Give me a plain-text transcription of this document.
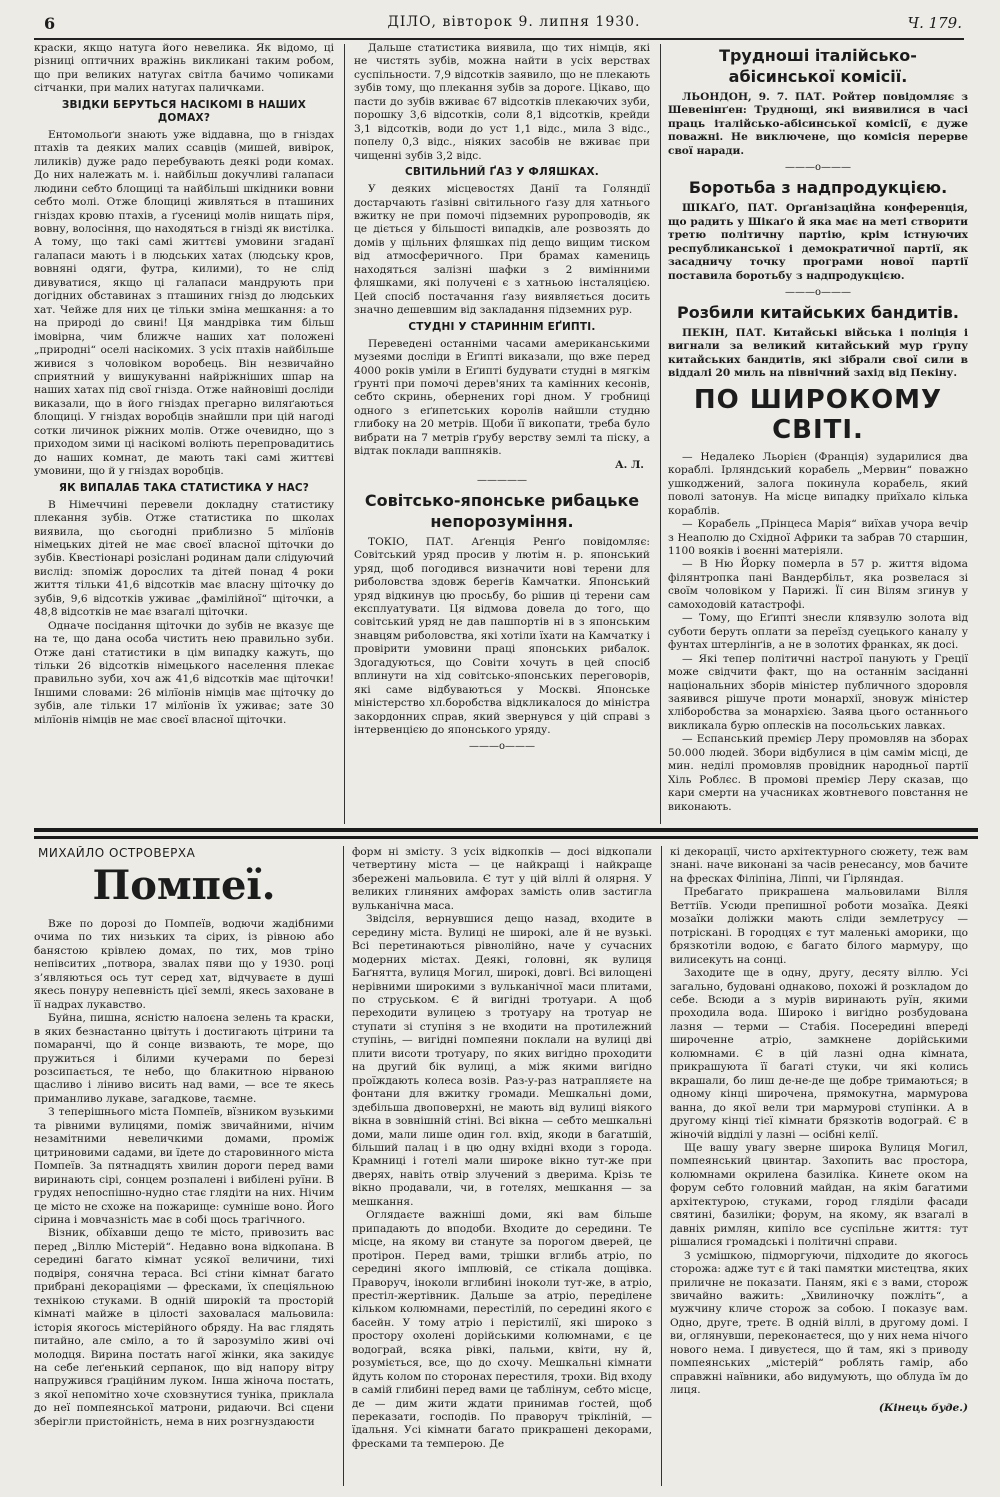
6	ДІЛО, вівторок 9. липня 1930.	Ч. 179.

краски, якщо натуга його невелика. Як відомо, ці різниці оптичних вражінь викликані таким робом, що при великих натугах світла бачимо чопиками сітчанки, при малих натугах паличками.

ЗВІДКИ БЕРУТЬСЯ НАСІКОМІ В НАШИХ ДОМАХ?

Ентомольоґи знають уже віддавна, що в гніздах птахів та деяких малих ссавців (мишей, вивірок, лиликів) дуже радо перебувають деякі роди комах. До них належать м. і. найбільш докучливі галапаси людини себто блощиці та найбільші шкідники вовни себто молі. Отже блощиці живляться в пташиних гніздах кровю птахів, а ґусениці молів нищать піря, вовну, волосіння, що находяться в гнізді як вистілка. А тому, що такі самі життєві умовини згаданї галапаси мають і в людських хатах (людську кров, вовняні одяги, футра, килими), то не слід дивуватися, якщо ці галапаси мандрують при догідних обставинах з пташиних гнізд до людських хат. Чейже для них це тільки зміна мешкання: а то на природі до свині! Ця мандрівка тим більш імовірна, чим ближче наших хат положені „природні“ оселі насікомих. З усіх птахів найбільше живися з чоловіком воробець. Він незвичайно сприятний у вишукуванні найріжніших шпар на наших хатах під свої гнізда. Отже найновіші досліди виказали, що в його гніздах прегарно виляґаються блощиці. У гніздах воробців знайшли при цій нагоді сотки личинок ріжних молів. Отже очевидно, що з приходом зими ці насікомі воліють перепровадитись до наших комнат, де мають такі самі життєві умовини, що й у гніздах воробців.

ЯК ВИПАЛАБ ТАКА СТАТИСТИКА У НАС?

В Німеччині перевели докладну статистику плекання зубів. Отже статистика по школах виявила, що сьогодні приблизно 5 мілїонів німецьких дітей не має своєї власної щіточки до зубів. Квестіонарі розіслані родинам дали слідуючий вислід: зпоміж дорослих та дітей понад 4 роки життя тільки 41,6 відсотків має власну щіточку до зубів, 9,6 відсотків уживає „фамілійної“ щіточки, а 48,8 відсотків не має взагалі щіточки.

Одначе посідання щіточки до зубів не вказує ще на те, що дана особа чистить нею правильно зуби. Отже дані статистики в цім випадку кажуть, що тільки 26 відсотків німецького населення плекає правильно зуби, хоч аж 41,6 відсотків має щіточки! Іншими словами: 26 мілїонів німців має щіточку до зубів, але тільки 17 мілїонів їх уживає; зате 30 мілїонів німців не має своєї власної щіточки.

Дальше статистика виявила, що тих німців, які не чистять зубів, можна найти в усіх верствах суспільности. 7,9 відсотків заявило, що не плекають зубів тому, що плекання зубів за дороге. Цікаво, що пасти до зубів вживає 67 відсотків плекаючих зуби, порошку 3,6 відсотків, соли 8,1 відсотків, крейди 3,1 відсотків, води до уст 1,1 відс., мила 3 відс., попелу 0,3 відс., ніяких засобів не вживає при чищенні зубів 3,2 відс.

СВІТИЛЬНИЙ ҐАЗ У ФЛЯШКАХ.

У деяких місцевостях Данії та Голяндії достарчають ґазівні світильного ґазу для хатнього вжитку не при помочі підземних руропроводів, як це діється у більшості випадків, але розвозять до домів у щільних фляшках під дещо вищим тиском від атмосферичного. При брамах камениць находяться залізні шафки з 2 вимінними фляшками, які получені є з хатньою інсталяцією. Цей спосіб постачання ґазу виявляється досить значно дешевшим від закладання підземних рур.

СТУДНІ У СТАРИННІМ ЕҐИПТІ.

Переведені останніми часами американськими музеями досліди в Еґипті виказали, що вже перед 4000 років уміли в Еґипті будувати студні в мягкім ґрунті при помочі дерев'яних та камінних кесонів, себто скринь, обернених горі дном. У гробниці одного з еґипетських королів найшли студню глибоку на 20 метрів. Щоби її викопати, треба було вибрати на 7 метрів ґрубу верству землі та піску, а відтак поклади ваппняків.

А. Л.
—————
Совітсько-японське рибацьке непорозуміння.

ТОКІО, ПАТ. Аґенція Ренґо повідомляє: Совітський уряд просив у лютім н. р. японський уряд, щоб погодився визначити нові терени для риболовства здовж берегів Камчатки. Японський уряд відкинув цю просьбу, бо рішив ці терени сам експлуатувати. Ця відмова довела до того, що совітський уряд не дав пашпортів ні в з японським знавцям риболовства, які хотіли їхати на Камчатку і провірити умовини праці японських рибалок. Здогадуються, що Совіти хочуть в цей спосіб вплинути на хід совітсько-японських переговорів, які саме відбуваються у Москві. Японське міністерство хл.боробства відкликалося до міністра закордонних справ, який звернувся у цій справі з інтервенцією до японського уряду.

———o———
Трудноші італійсько-абісинської комісії.

ЛЬОНДОН, 9. 7. ПАТ. Ройтер повідомляє з Шевенінґен: Труднощі, які виявилися в часі праць італійсько-абісинської комісії, є дуже поважні. Не виключене, що комісія перерве свої наради.

———o———
Боротьба з надпродукцією.

ШІКАҐО, ПАТ. Орґанізаційна конференція, що радить у Шікаґо й яка має на меті створити третю політичну партію, крім істнуючих республиканської і демократичної партії, як засадничу точку програми нової партії поставила боротьбу з надпродукцією.

———o———
Розбили китайських бандитів.

ПЕКІН, ПАТ. Китайські війська і поліція і вигнали за великий китайський мур ґрупу китайських бандитів, які зібрали свої сили в віддалі 20 миль на північний захід від Пекіну.

ПО ШИРОКОМУ СВІТІ.

— Недалеко Льорієн (Франція) зударилися два кораблі. Ірляндський корабель „Мервин“ поважно ушкоджений, залога покинула корабель, який поволі затонув. На місце випадку приїхало кілька кораблів.

— Корабель „Прінцеса Марія“ виїхав учора вечір з Неаполю до Східної Африки та забрав 70 старшин, 1100 вояків і воєнні матеріяли.

— В Ню Йорку померла в 57 р. життя відома філянтропка пані Вандербільт, яка розвелася зі своїм чоловіком у Парижі. Її син Вілям згинув у самоходовій катастрофі.

— Тому, що Еґипті знесли клявзулю золота від суботи беруть оплати за переїзд суецького каналу у фунтах штерлінґів, а не в золотих франках, як досі.

— Які тепер політичні настрої панують у Греції може свідчити факт, що на останнім засіданні національних зборів міністер публичного здоровля заявився рішуче проти монархії, зновуж міністер хліборобства за монархією. Заява цього останнього викликала бурю оплесків на посольських лавках.

— Еспанський премієр Леру промовляв на зборах 50.000 людей. Збори відбулися в цім самім місці, де мин. неділі промовляв провідник народньої партії Хіль Роблєс. В промові премієр Леру сказав, що кари смерти на учасниках жовтневого повстання не виконають.

МИХАЙЛО ОСТРОВЕРХА
Помпеї.

Вже по дорозі до Помпеїв, водючи жадібними очима по тих низьких та сірих, із рівною або банястою крівлею домах, по тих, мов тріно непівситих „потвора, звалах пяви що у 1930. році з’являються ось тут серед хат, відчуваєте в душі якесь понуру непевність цієї землі, якесь заховане в її надрах лукавство.

Буйна, пишна, ясністю налоєна зелень та краски, в яких безнастанно цвітуть і достигають цітрини та помаранчі, що й сонце визвають, те море, що пружиться і білими кучерами по березі розсипається, те небо, що блакитною нірваною щасливо і ліниво висить над вами, — все те якесь приманливо лукаве, загадкове, таємне.

З теперішнього міста Помпеїв, вїзником вузькими та рівними вулицями, поміж звичайними, нічим незамітними невеличкими домами, проміж цитриновими садами, ви їдете до старовинного міста Помпеїв. За пятнадцять хвилин дороги перед вами виринають сірі, сонцем розпалені і вибілені руїни. В грудях непоспішно-нудно стає глядіти на них. Нічим це місто не схоже на пожарище: сумніше воно. Його сірина і мовчазність має в собі щось трагічного.

Візник, обїхавши дещо те місто, привозить вас перед „Віллю Містерій“. Недавно вона відкопана. В середині багато кімнат усякої величини, тихі подвіря, сонячна тераса. Всі стіни кімнат багато прибрані декораціями — фресками, їх спеціяльною технікою стуками. В одній широкій та просторій кімнаті майже в цілості заховалася мальовила: історія якогось містерійного обряду. На вас глядять питайно, але смілo, а то й зарозуміло живі очі молодця. Вирина постать нагої жінки, яка закидує на себе леґенький серпанок, що від напору вітру напружився ґраційним луком. Інша жіноча постать, з якої непомітно хоче сховзнутися туніка, приклала до неї помпеянської матрони, ридаючи. Всі сцени зберігли пристойність, нема в них розгнуздаюсти

форм ні змісту. З усіх відкопків — досі відкопали четвертину міста — це найкращі і найкраще збережені мальовила. Є тут у цій віллі й олярня. У великих глиняних амфорах замість олив застигла вульканічна маса.

Звідсіля, вернувшися дещо назад, входите в середину міста. Вулиці не широкі, але й не вузькі. Всі перетинаються рівнолійно, наче у сучасних модерних містах. Деякі, головні, як вулиця Баґнятта, вулиця Могил, широкі, довгі. Всі вилощені нерівними широкими з вульканічної маси плитами, по струськом. Є й вигідні тротуари. А щоб переходити вулицею з тротуару на тротуар не ступати зі ступіня з не входити на протилежний ступінь, — вигідні помпеяни поклали на вулиці дві плити висоти тротуару, по яких вигідно проходити на другий бік вулиці, а між якими вигідно проїждають колеса возів. Раз-у-раз натрапляєте на фонтани для вжитку громади. Мешкальні доми, здебільша двоповерхні, не мають від вулиці віякого вікна в зовнішній стіні. Всі вікна — себто мешкальні доми, мали лише один гол. вхід, якоди в багатшій, більший палац і в цю одну вхідні входи з города. Крамниці і готелі мали широке вікно тут-же при дверях, навіть отвір злучений з дверима. Крізь те вікно продавали, чи, в готелях, мешкання — за мешкання.

Оглядаєте важніші доми, які вам більше припадають до вподоби. Входите до середини. Те місце, на якому ви стануте за порогом дверей, це протірон. Перед вами, трішки вглибь атріо, по середині якого імплювій, се стікала дощівка. Праворуч, іноколи вглибині іноколи тут-же, в атріо, престіл-жертівник. Дальше за атріо, переділене кільком колюмнами, перестілій, по середині якого є басейн. У тому атріо і перістилії, які широко з простору охолені дорійськими колюмнами, є це водограй, всяка рівкі, пальми, квіти, ну й, розуміється, все, що до схочу. Мешкальні кімнати йдуть колом по сторонах перестиля, трохи. Від входу в самій глибині перед вами це таблінум, себто місце, де — дим жити ждати принимав ґостей, щоб переказати, господів. По праворуч трікліній, — їдальня. Усі кімнати багато прикрашені декорами, фресками та темперою. Де

кі декорації, чисто архітектурного сюжету, теж вам знані. наче виконані за часів ренесансу, мов бачите на фресках Філіпіна, Ліппі, чи Ґірляндая.

Пребагато прикрашена мальовилами Вілля Веттіїв. Усюди препишної роботи мозаїка. Деякі мозаїки доліжки мають сліди землетрусу — потріскані. В городцях є тут маленькі аморики, що брязкотіли водою, є багато білого мармуру, що вилисекуть на сонці.

Заходите ще в одну, другу, десяту віллю. Усі загально, будовані однаково, похожі й розкладом до себе. Всюди а з мурів виринають руїн, якими проходила вода. Широко і вигідно розбудована лазня — терми — Стабія. Посередині впереді широченне атріо, замкнене дорійськими колюмнами. Є в цій лазні одна кімната, прикрашуюта її багаті стуки, чи які колись вкрашали, бо лиш де-не-де ще добре тримаються; в одному кінці широчена, прямокутна, мармурова ванна, до якої вели три мармурові ступінки. А в другому кінці тієї кімнати брязкотів водограй. Є в жіночій відділі у лазні — осібні келії.

Ще вашу увагу зверне широка Вулиця Могил, помпеянський цвинтар. Захопить вас простора, колюмнами окрилена базиліка. Кинете оком на форум себто головний майдан, на якім багатими архітектурою, стуками, город гляділи фасади святині, базиліки; форум, на якому, як взагалі в давніх римлян, кипіло все суспільне життя: тут рішалися громадські і політичні справи.

З усмішкою, підморгуючи, підходите до якогось сторожа: адже тут є й такі памятки мистецтва, яких приличне не показати. Паням, які є з вами, сторож звичайно важить: „Хвилиночку пожліть“, а мужчину кличе сторож за собою. І показує вам. Одно, друге, третє. В одній віллі, в другому домі. І ви, оглянувши, переконаєтеся, що у них нема нічого нового нема. І дивуєтеся, що й там, які з приводу помпеянських „містерій“ роблять гамір, або справжні наївники, або видумують, що облуда їм до лиця.

(Кінець буде.)
